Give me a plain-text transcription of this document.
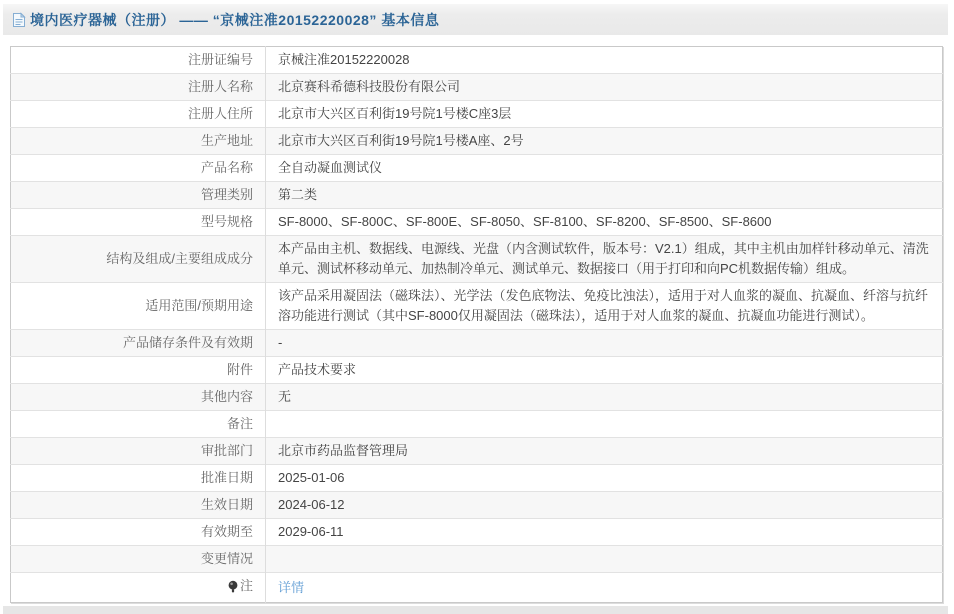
境内医疗器械（注册） —— “京械注准20152220028” 基本信息
注册证编号	京械注准20152220028
注册人名称	北京赛科希德科技股份有限公司
注册人住所	北京市大兴区百利街19号院1号楼C座3层
生产地址	北京市大兴区百利街19号院1号楼A座、2号
产品名称	全自动凝血测试仪
管理类别	第二类
型号规格	SF-8000、SF-800C、SF-800E、SF-8050、SF-8100、SF-8200、SF-8500、SF-8600
结构及组成/主要组成成分	本产品由主机、数据线、电源线、光盘（内含测试软件，版本号：V2.1）组成，其中主机由加样针移动单元、清洗单元、测试杯移动单元、加热制冷单元、测试单元、数据接口（用于打印和向PC机数据传输）组成。
适用范围/预期用途	该产品采用凝固法（磁珠法）、光学法（发色底物法、免疫比浊法），适用于对人血浆的凝血、抗凝血、纤溶与抗纤溶功能进行测试（其中SF-8000仅用凝固法（磁珠法），适用于对人血浆的凝血、抗凝血功能进行测试）。
产品储存条件及有效期	-
附件	产品技术要求
其他内容	无
备注	
审批部门	北京市药品监督管理局
批准日期	2025-01-06
生效日期	2024-06-12
有效期至	2029-06-11
变更情况	

注	详情
